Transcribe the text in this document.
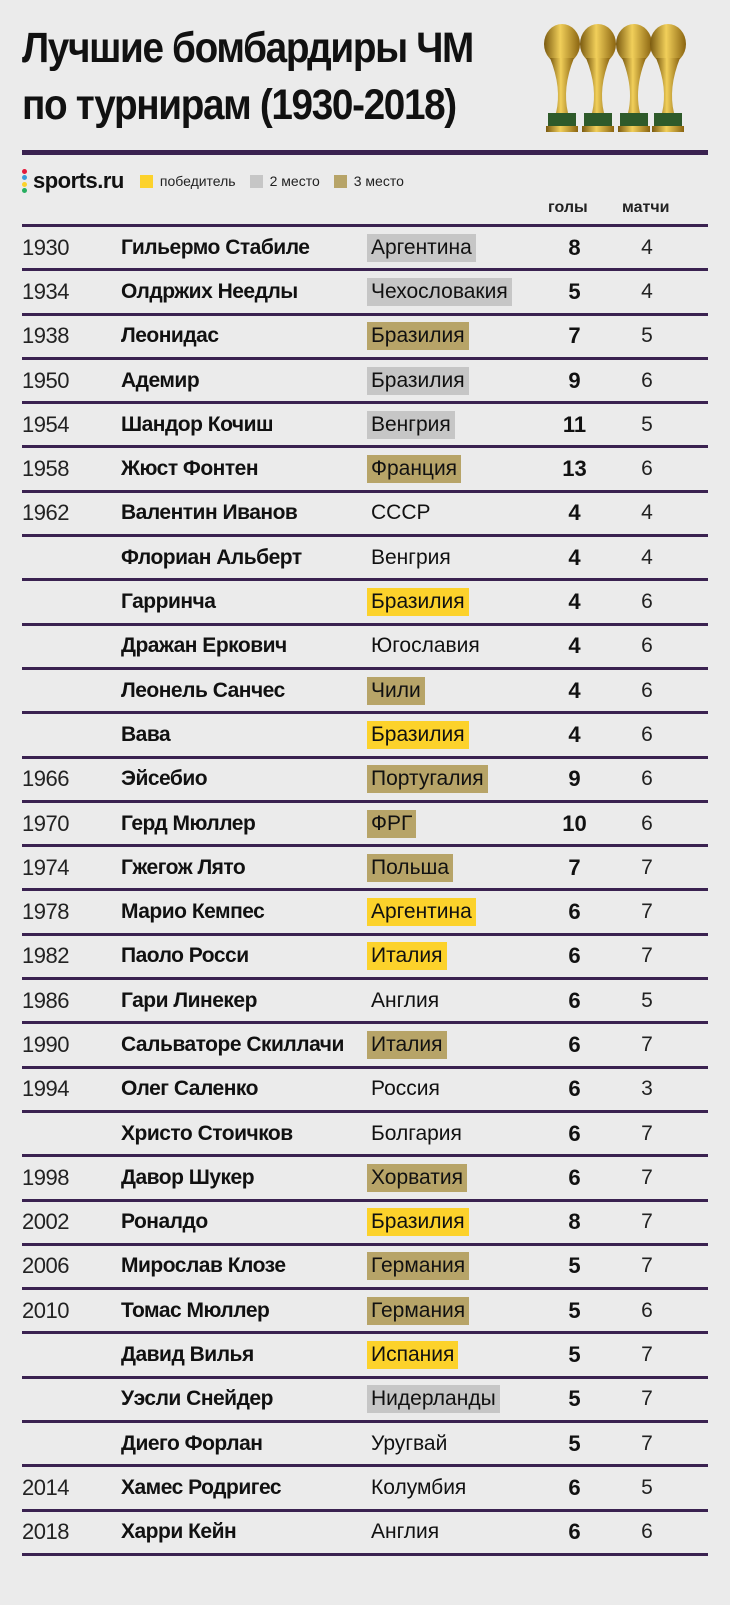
Лучшие бомбардиры ЧМ
по турнирам (1930-2018)
sports.ru	победитель 2 место 3 место
голы матчи
1930	Гильермо Стабиле	Аргентина	8	4
1934	Олдржих Неедлы	Чехословакия	5	4
1938	Леонидас	Бразилия	7	5
1950	Адемир	Бразилия	9	6
1954	Шандор Кочиш	Венгрия	11	5
1958	Жюст Фонтен	Франция	13	6
1962	Валентин Иванов	СССР	4	4
Флориан Альберт	Венгрия	4	4
Гарринча	Бразилия	4	6
Дражан Еркович	Югославия	4	6
Леонель Санчес	Чили	4	6
Вава	Бразилия	4	6
1966	Эйсебио	Португалия	9	6
1970	Герд Мюллер	ФРГ	10	6
1974	Гжегож Лято	Польша	7	7
1978	Марио Кемпес	Аргентина	6	7
1982	Паоло Росси	Италия	6	7
1986	Гари Линекер	Англия	6	5
1990	Сальваторе Скиллачи	Италия	6	7
1994	Олег Саленко	Россия	6	3
Христо Стоичков	Болгария	6	7
1998	Давор Шукер	Хорватия	6	7
2002	Роналдо	Бразилия	8	7
2006	Мирослав Клозе	Германия	5	7
2010	Томас Мюллер	Германия	5	6
Давид Вилья	Испания	5	7
Уэсли Снейдер	Нидерланды	5	7
Диего Форлан	Уругвай	5	7
2014	Хамес Родригес	Колумбия	6	5
2018	Харри Кейн	Англия	6	6
